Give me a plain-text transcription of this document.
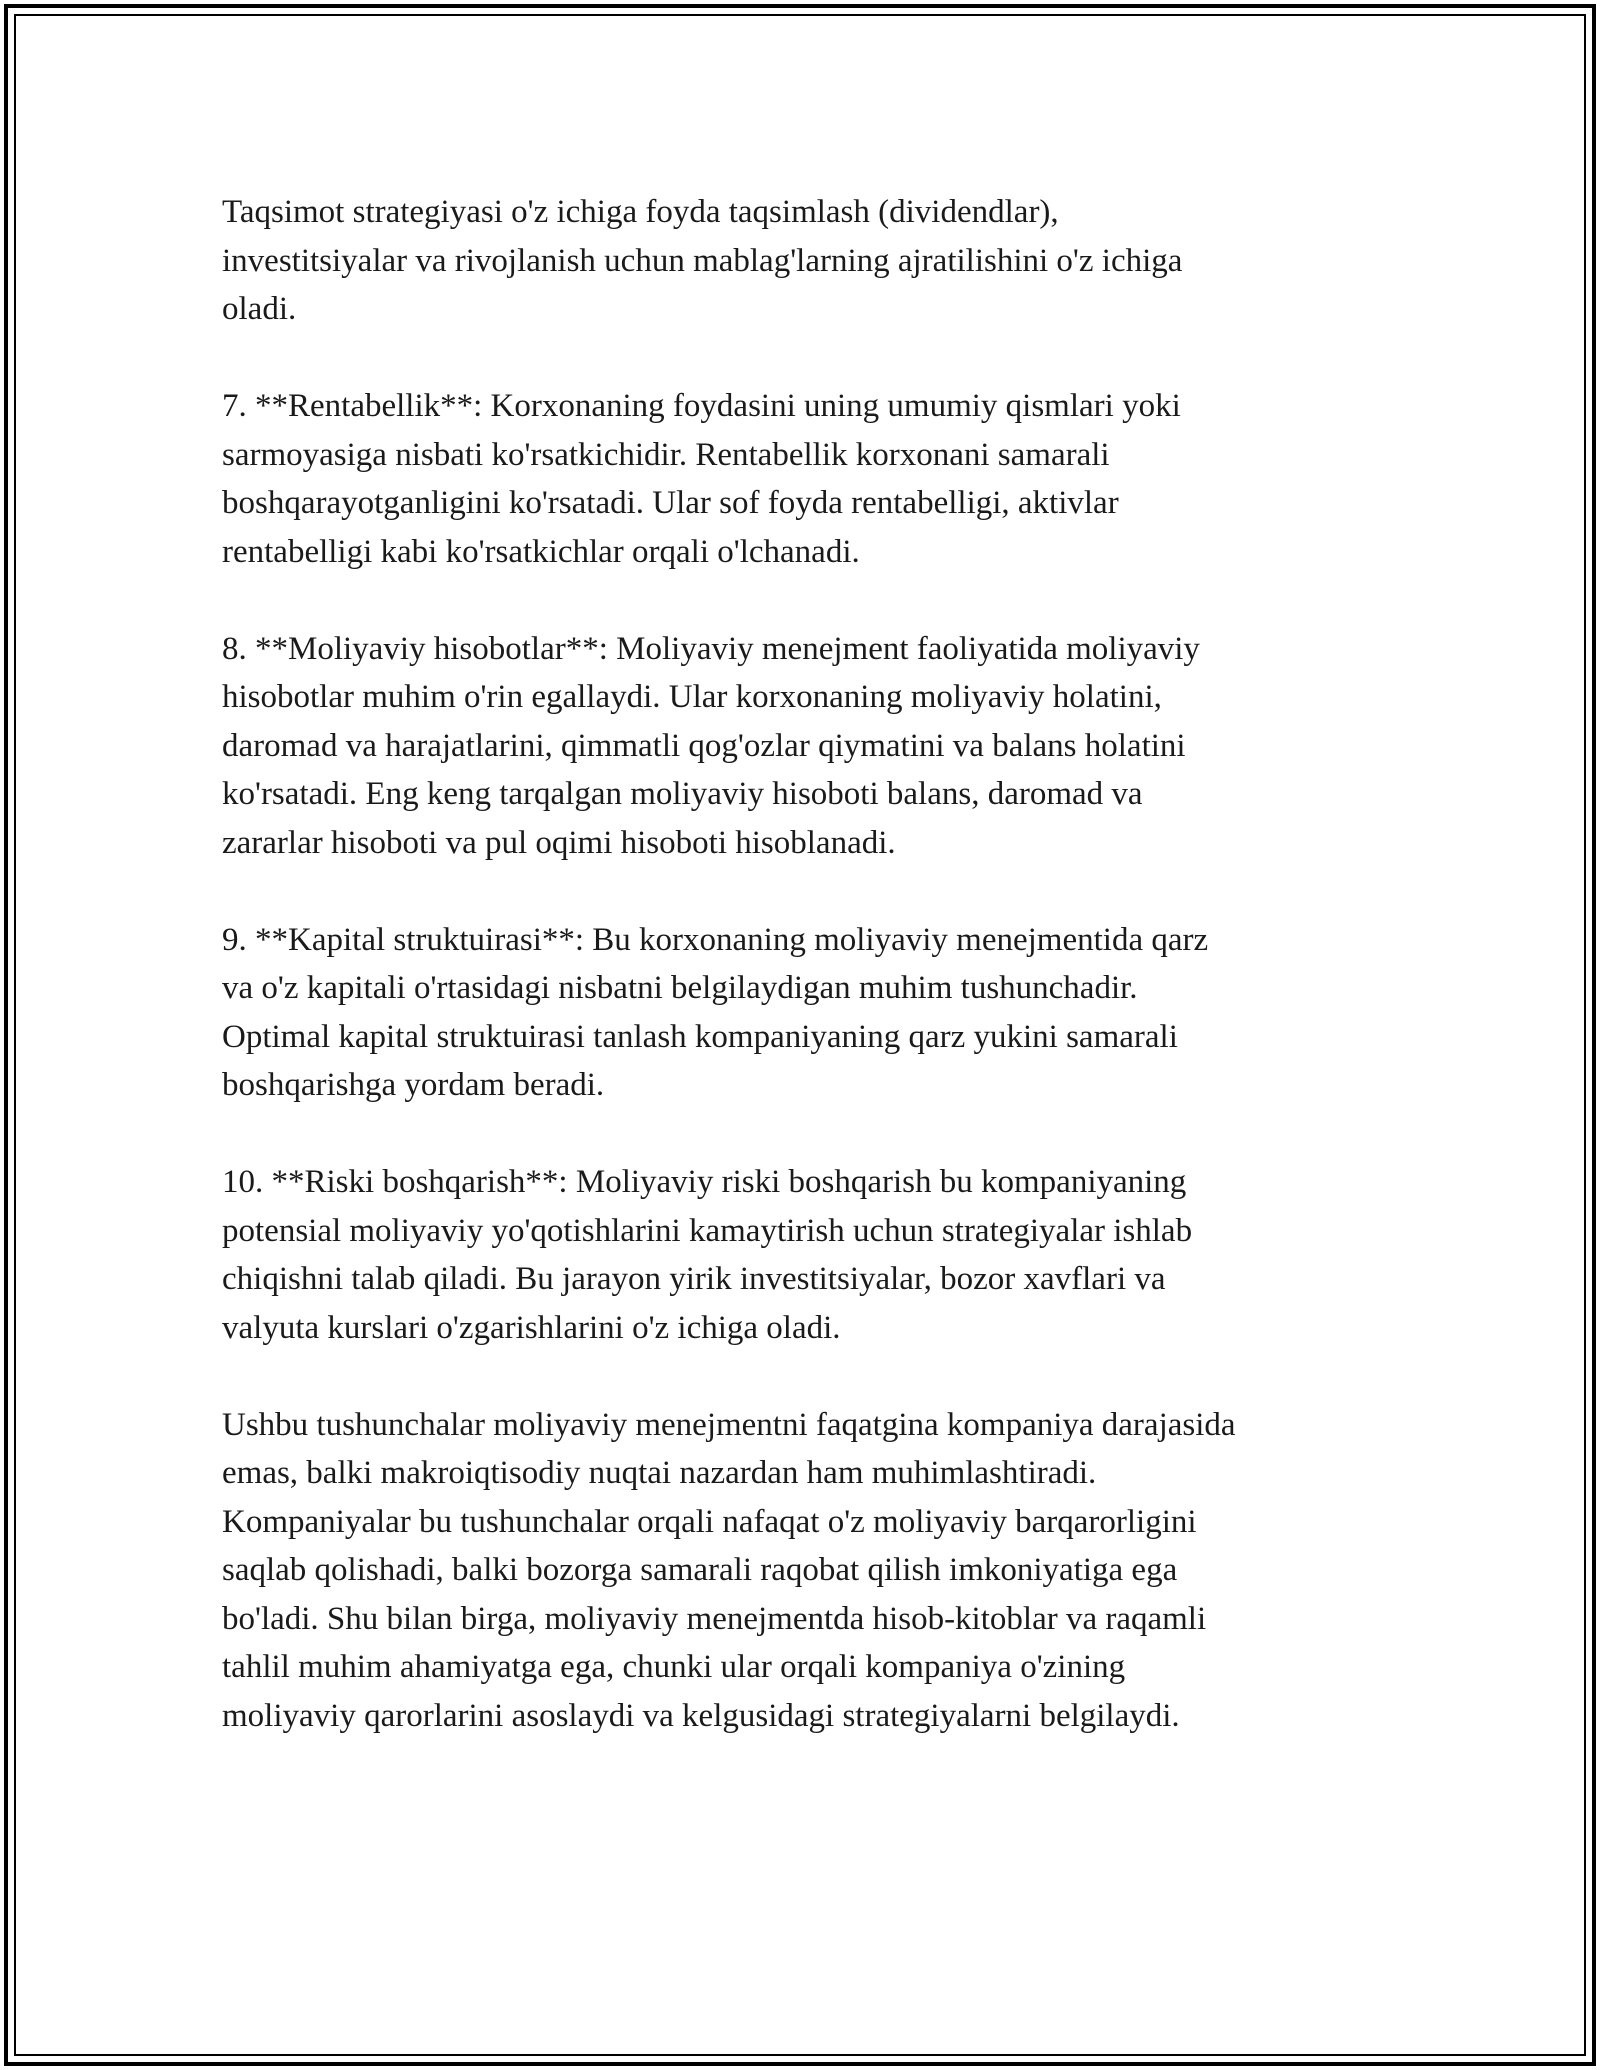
Taqsimot strategiyasi o'z ichiga foyda taqsimlash (dividendlar),
investitsiyalar va rivojlanish uchun mablag'larning ajratilishini o'z ichiga
oladi.

7. **Rentabellik**: Korxonaning foydasini uning umumiy qismlari yoki
sarmoyasiga nisbati ko'rsatkichidir. Rentabellik korxonani samarali
boshqarayotganligini ko'rsatadi. Ular sof foyda rentabelligi, aktivlar
rentabelligi kabi ko'rsatkichlar orqali o'lchanadi.

8. **Moliyaviy hisobotlar**: Moliyaviy menejment faoliyatida moliyaviy
hisobotlar muhim o'rin egallaydi. Ular korxonaning moliyaviy holatini,
daromad va harajatlarini, qimmatli qog'ozlar qiymatini va balans holatini
ko'rsatadi. Eng keng tarqalgan moliyaviy hisoboti balans, daromad va
zararlar hisoboti va pul oqimi hisoboti hisoblanadi.

9. **Kapital struktuirasi**: Bu korxonaning moliyaviy menejmentida qarz
va o'z kapitali o'rtasidagi nisbatni belgilaydigan muhim tushunchadir.
Optimal kapital struktuirasi tanlash kompaniyaning qarz yukini samarali
boshqarishga yordam beradi.

10. **Riski boshqarish**: Moliyaviy riski boshqarish bu kompaniyaning
potensial moliyaviy yo'qotishlarini kamaytirish uchun strategiyalar ishlab
chiqishni talab qiladi. Bu jarayon yirik investitsiyalar, bozor xavflari va
valyuta kurslari o'zgarishlarini o'z ichiga oladi.

Ushbu tushunchalar moliyaviy menejmentni faqatgina kompaniya darajasida
emas, balki makroiqtisodiy nuqtai nazardan ham muhimlashtiradi.
Kompaniyalar bu tushunchalar orqali nafaqat o'z moliyaviy barqarorligini
saqlab qolishadi, balki bozorga samarali raqobat qilish imkoniyatiga ega
bo'ladi. Shu bilan birga, moliyaviy menejmentda hisob-kitoblar va raqamli
tahlil muhim ahamiyatga ega, chunki ular orqali kompaniya o'zining
moliyaviy qarorlarini asoslaydi va kelgusidagi strategiyalarni belgilaydi.
